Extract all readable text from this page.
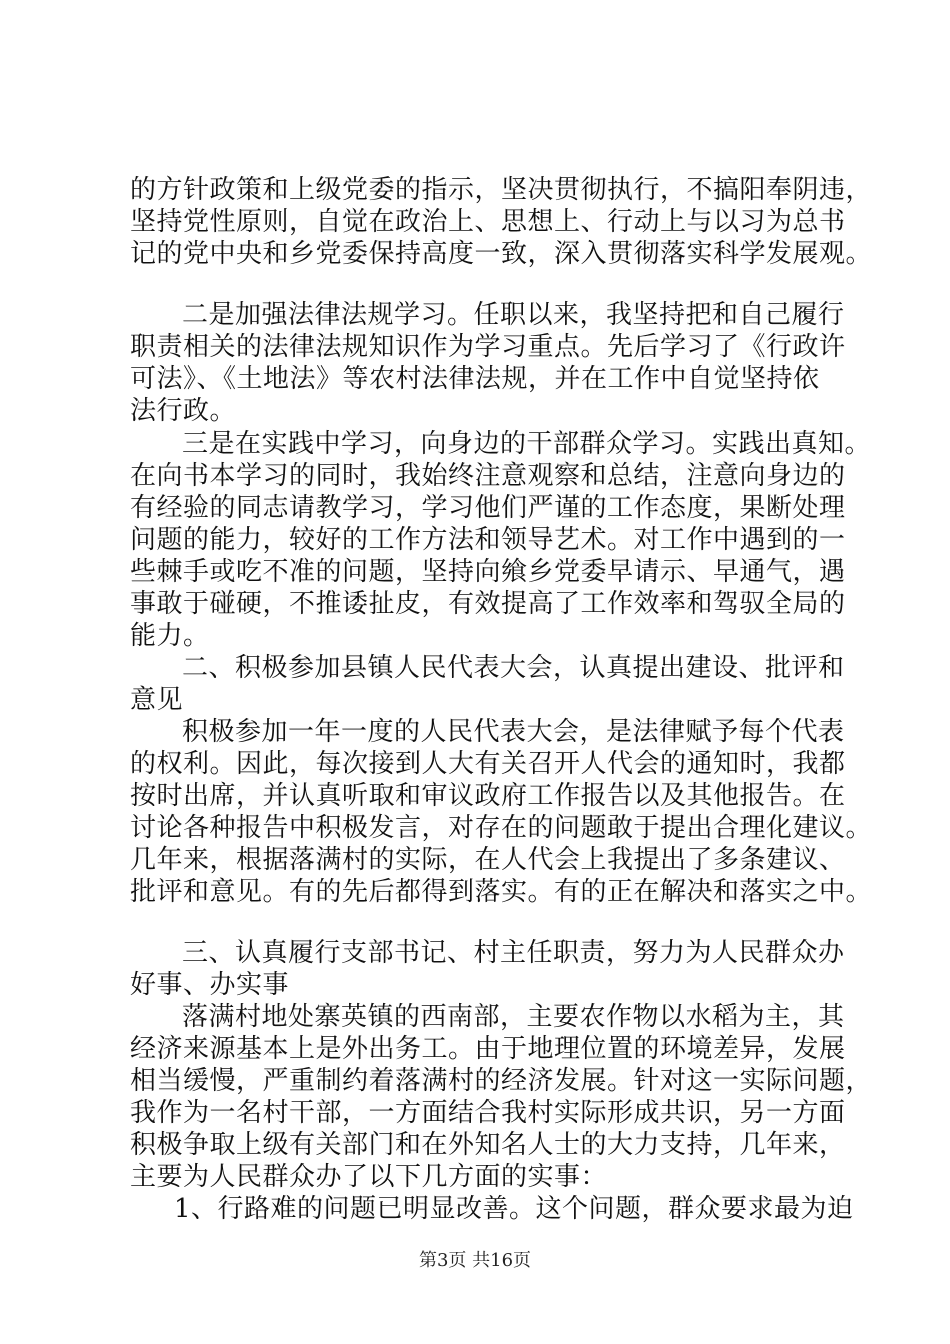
的方针政策和上级党委的指示，坚决贯彻执行，不搞阳奉阴违，
坚持党性原则，自觉在政治上、思想上、行动上与以习为总书
记的党中央和乡党委保持高度一致，深入贯彻落实科学发展观。
二是加强法律法规学习。任职以来，我坚持把和自己履行
职责相关的法律法规知识作为学习重点。先后学习了《行政许
可法》、《土地法》等农村法律法规，并在工作中自觉坚持依
法行政。
三是在实践中学习，向身边的干部群众学习。实践出真知。
在向书本学习的同时，我始终注意观察和总结，注意向身边的
有经验的同志请教学习，学习他们严谨的工作态度，果断处理
问题的能力，较好的工作方法和领导艺术。对工作中遇到的一
些棘手或吃不准的问题，坚持向飨乡党委早请示、早通气，遇
事敢于碰硬，不推诿扯皮，有效提高了工作效率和驾驭全局的
能力。
二、积极参加县镇人民代表大会，认真提出建设、批评和
意见
积极参加一年一度的人民代表大会，是法律赋予每个代表
的权利。因此，每次接到人大有关召开人代会的通知时，我都
按时出席，并认真听取和审议政府工作报告以及其他报告。在
讨论各种报告中积极发言，对存在的问题敢于提出合理化建议。
几年来，根据落满村的实际，在人代会上我提出了多条建议、
批评和意见。有的先后都得到落实。有的正在解决和落实之中。
三、认真履行支部书记、村主任职责，努力为人民群众办
好事、办实事
落满村地处寨英镇的西南部，主要农作物以水稻为主，其
经济来源基本上是外出务工。由于地理位置的环境差异，发展
相当缓慢，严重制约着落满村的经济发展。针对这一实际问题，
我作为一名村干部，一方面结合我村实际形成共识，另一方面
积极争取上级有关部门和在外知名人士的大力支持，几年来，
主要为人民群众办了以下几方面的实事：
1、行路难的问题已明显改善。这个问题，群众要求最为迫
第3页 共16页
